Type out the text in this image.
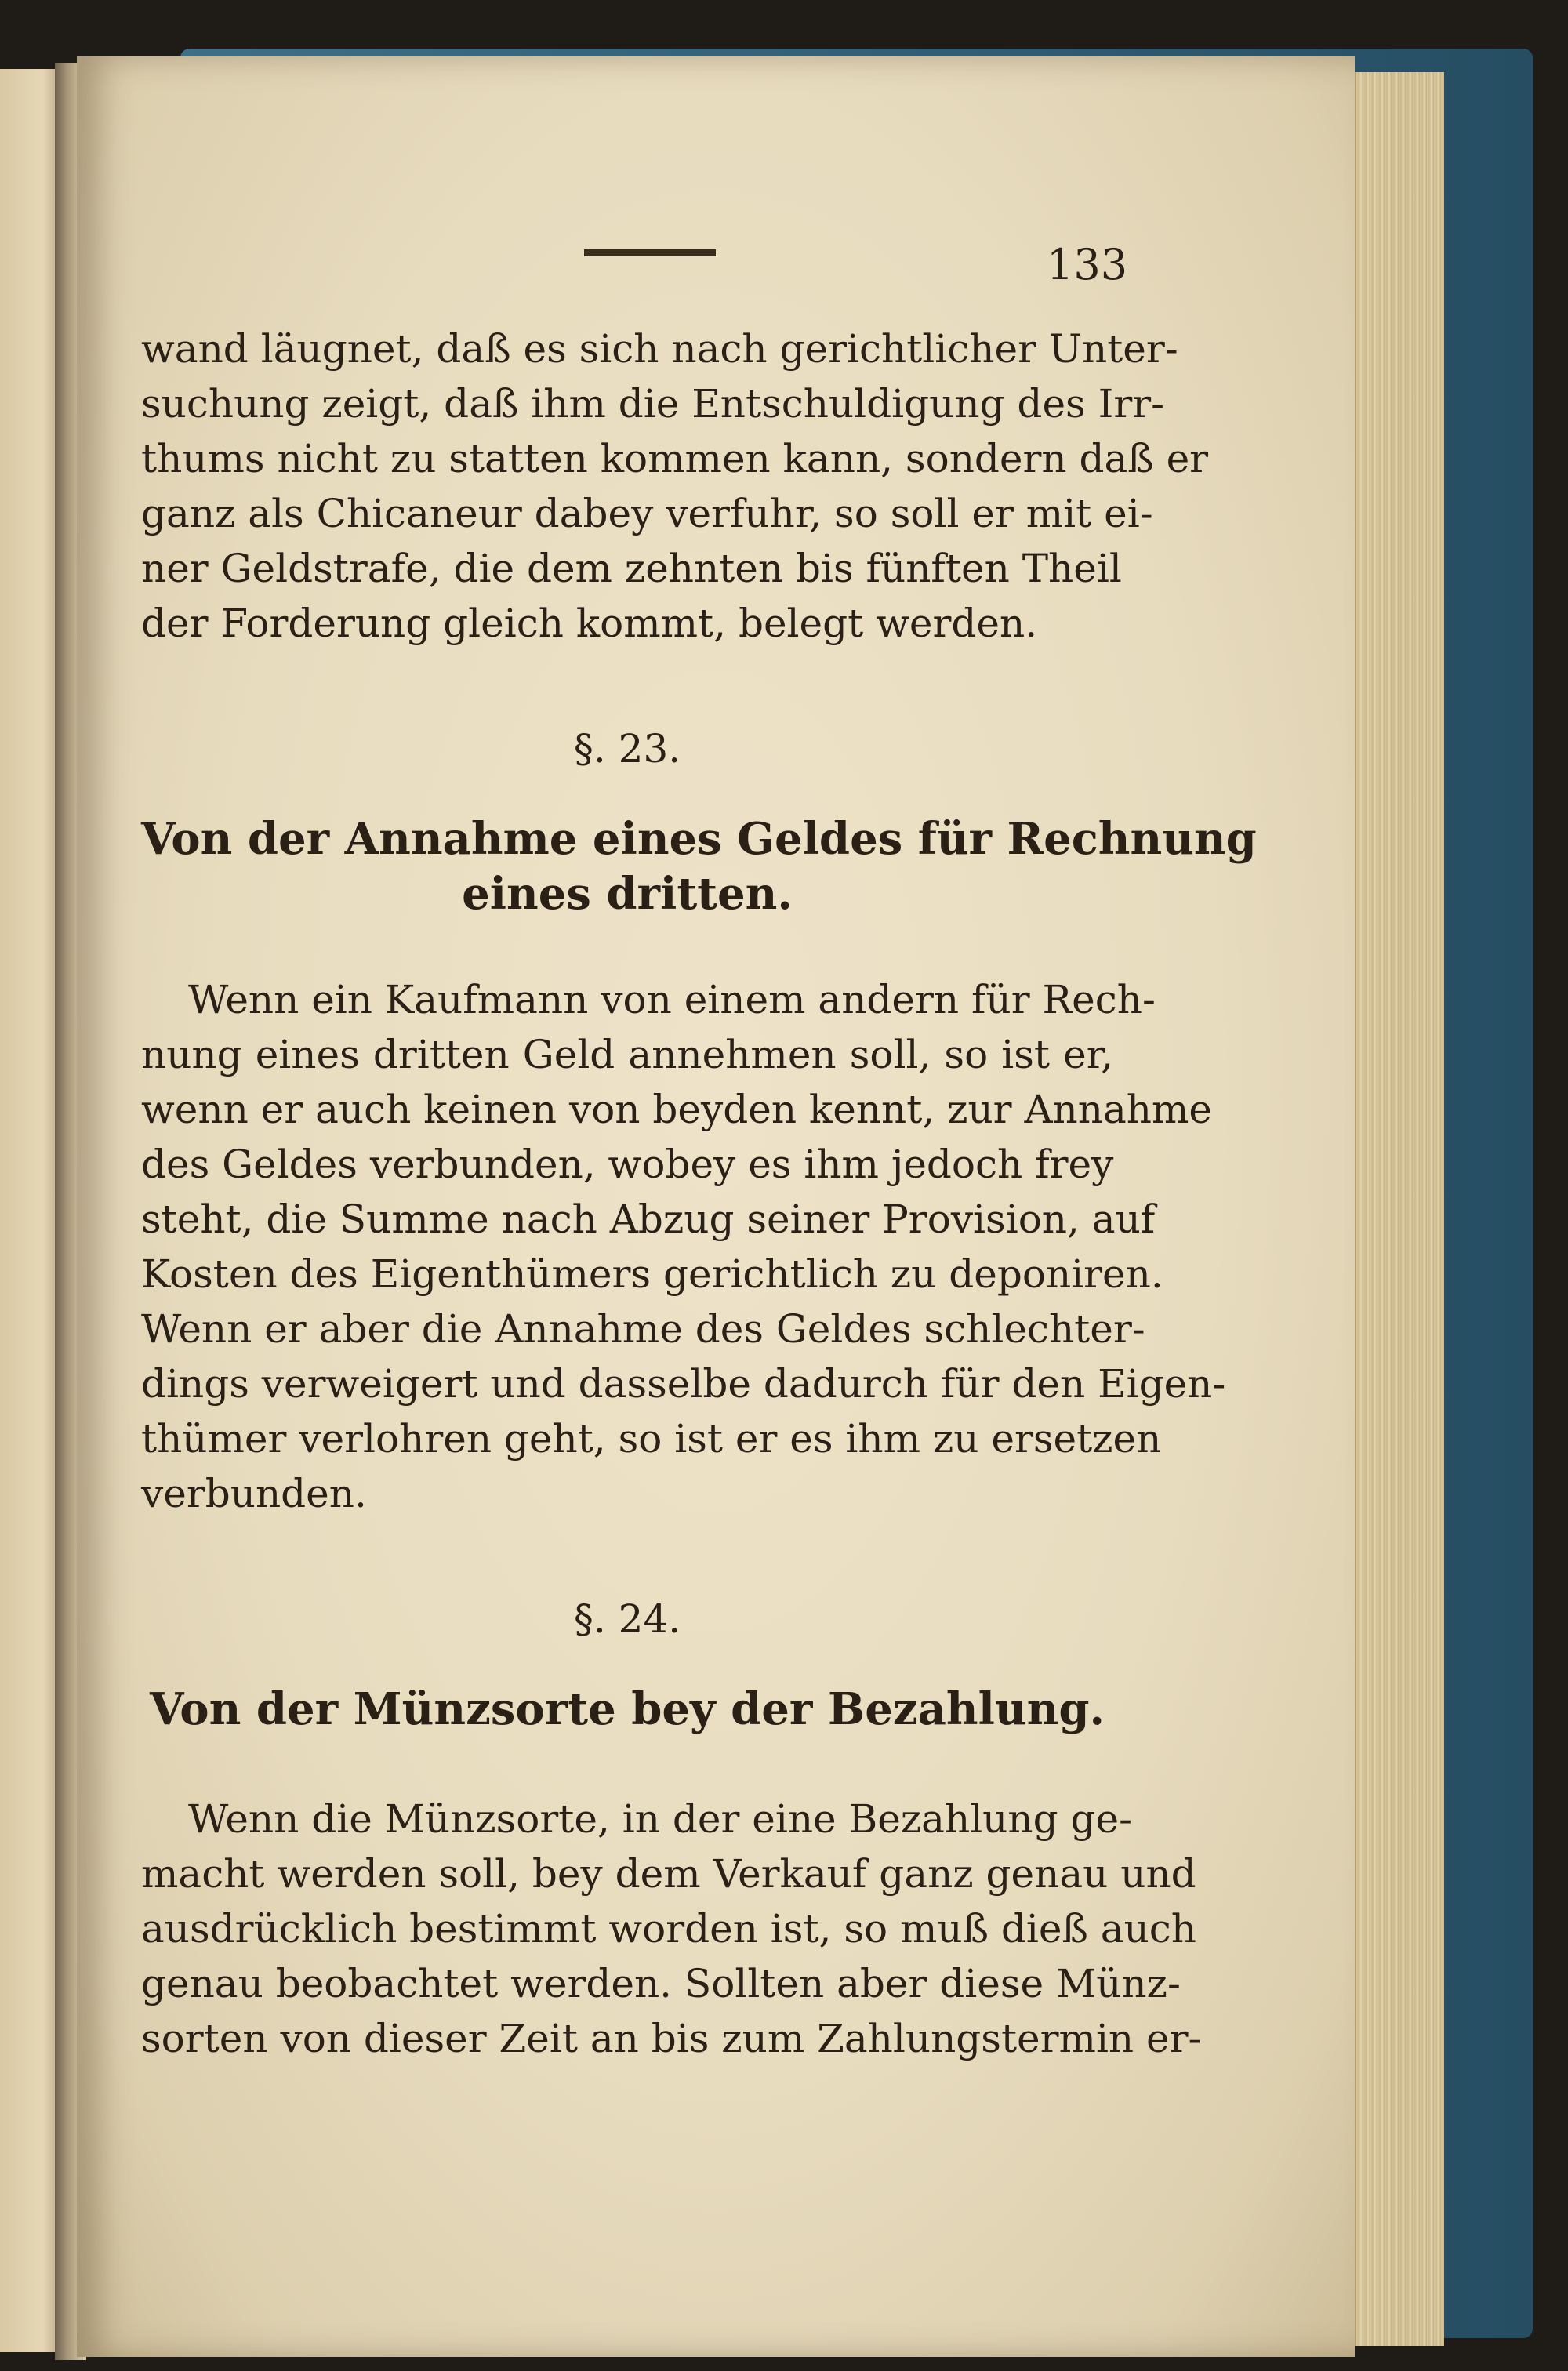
133
wand läugnet, daß es sich nach gerichtlicher Unter-
suchung zeigt, daß ihm die Entschuldigung des Irr-
thums nicht zu statten kommen kann, sondern daß er
ganz als Chicaneur dabey verfuhr, so soll er mit ei-
ner Geldstrafe, die dem zehnten bis fünften Theil
der Forderung gleich kommt, belegt werden.
§. 23.
Von der Annahme eines Geldes für Rechnung
eines dritten.
Wenn ein Kaufmann von einem andern für Rech-
nung eines dritten Geld annehmen soll, so ist er,
wenn er auch keinen von beyden kennt, zur Annahme
des Geldes verbunden, wobey es ihm jedoch frey
steht, die Summe nach Abzug seiner Provision, auf
Kosten des Eigenthümers gerichtlich zu deponiren.
Wenn er aber die Annahme des Geldes schlechter-
dings verweigert und dasselbe dadurch für den Eigen-
thümer verlohren geht, so ist er es ihm zu ersetzen
verbunden.
§. 24.
Von der Münzsorte bey der Bezahlung.
Wenn die Münzsorte, in der eine Bezahlung ge-
macht werden soll, bey dem Verkauf ganz genau und
ausdrücklich bestimmt worden ist, so muß dieß auch
genau beobachtet werden. Sollten aber diese Münz-
sorten von dieser Zeit an bis zum Zahlungstermin er-
